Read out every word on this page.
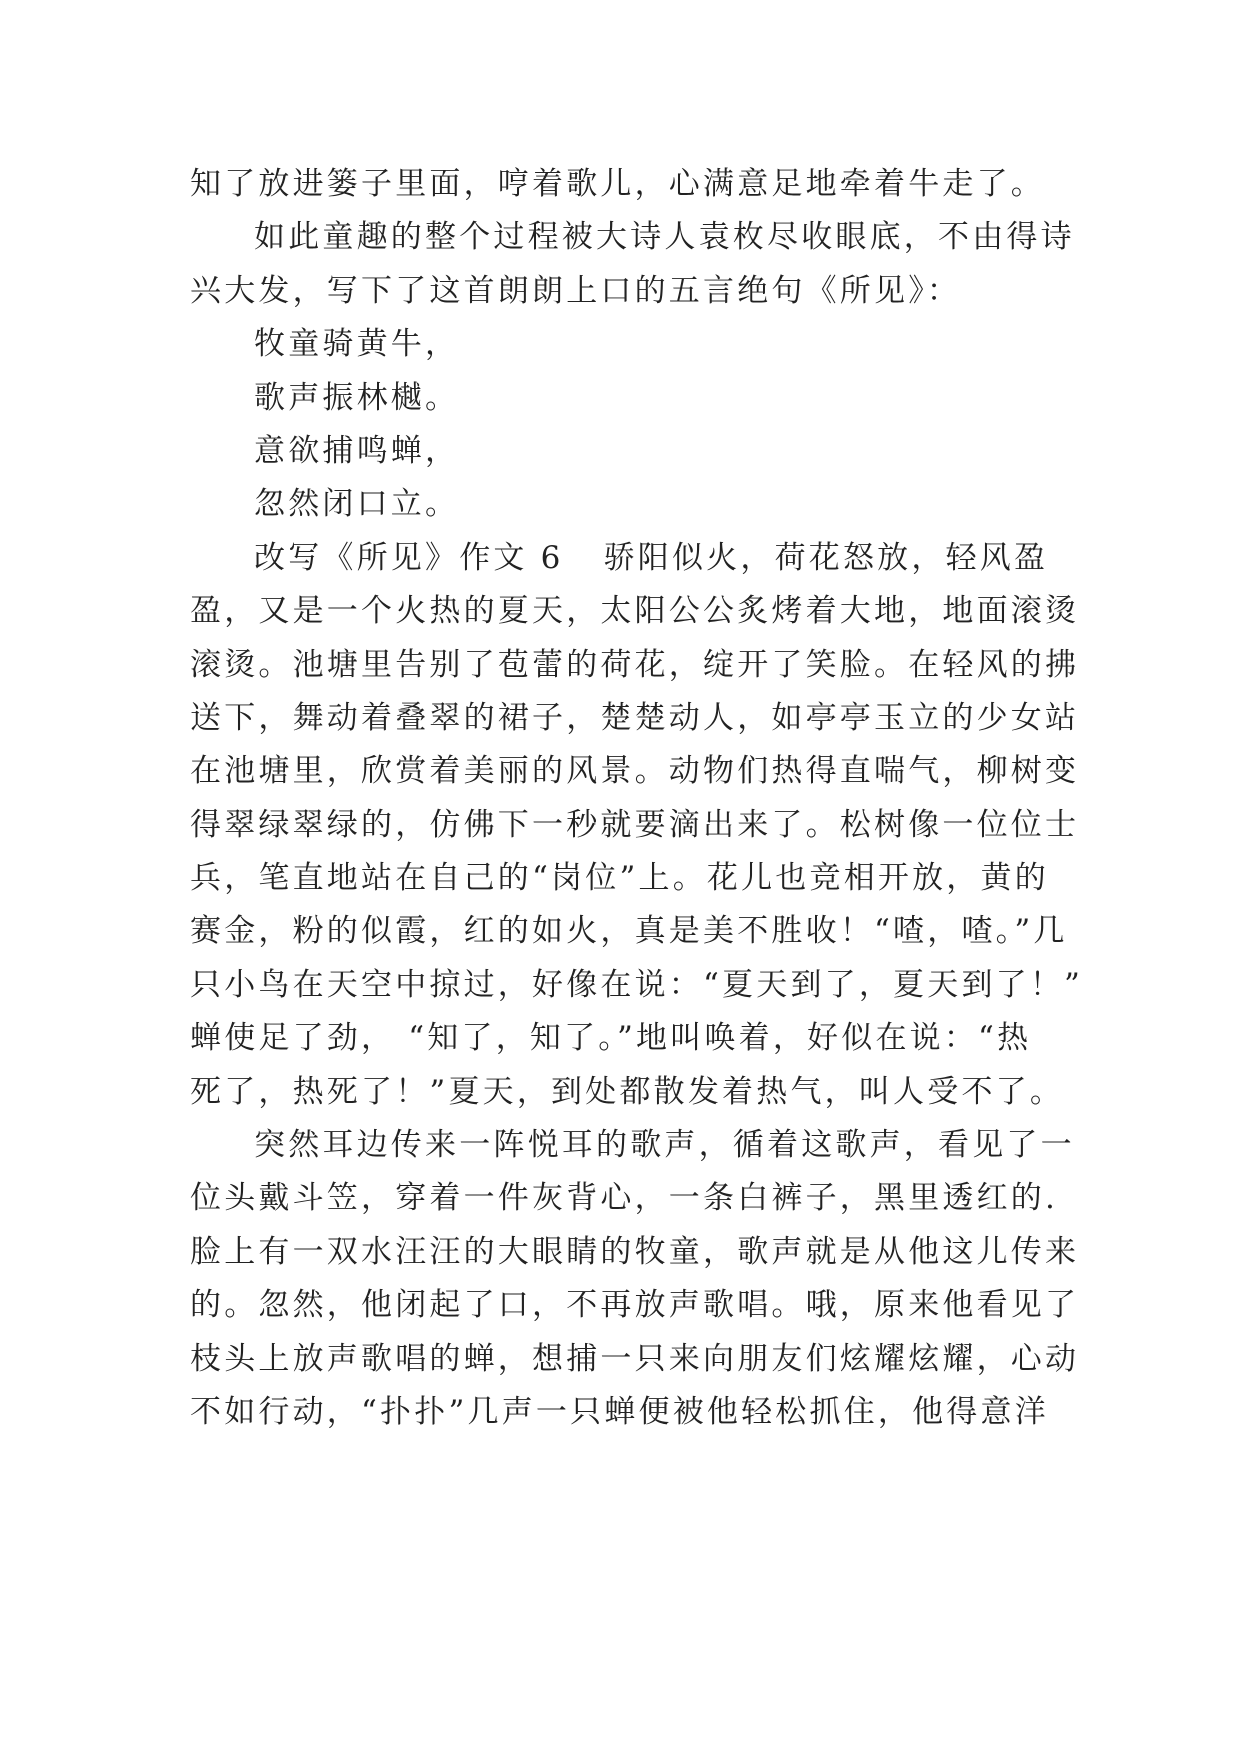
知了放进篓子里面，哼着歌儿，心满意足地牵着牛走了。
如此童趣的整个过程被大诗人袁枚尽收眼底，不由得诗
兴大发，写下了这首朗朗上口的五言绝句《所见》：
牧童骑黄牛，
歌声振林樾。
意欲捕鸣蝉，
忽然闭口立。
改写《所见》作文 6 骄阳似火，荷花怒放，轻风盈
盈，又是一个火热的夏天，太阳公公炙烤着大地，地面滚烫
滚烫。池塘里告别了苞蕾的荷花，绽开了笑脸。在轻风的拂
送下，舞动着叠翠的裙子，楚楚动人，如亭亭玉立的少女站
在池塘里，欣赏着美丽的风景。动物们热得直喘气，柳树变
得翠绿翠绿的，仿佛下一秒就要滴出来了。松树像一位位士
兵，笔直地站在自己的“岗位”上。花儿也竞相开放，黄的
赛金，粉的似霞，红的如火，真是美不胜收！“喳，喳。”几
只小鸟在天空中掠过，好像在说：“夏天到了，夏天到了！”
蝉使足了劲， “知了，知了。”地叫唤着，好似在说：“热
死了，热死了！”夏天，到处都散发着热气，叫人受不了。
突然耳边传来一阵悦耳的歌声，循着这歌声，看见了一
位头戴斗笠，穿着一件灰背心，一条白裤子，黑里透红的.
脸上有一双水汪汪的大眼睛的牧童，歌声就是从他这儿传来
的。忽然，他闭起了口，不再放声歌唱。哦，原来他看见了
枝头上放声歌唱的蝉，想捕一只来向朋友们炫耀炫耀，心动
不如行动，“扑扑”几声一只蝉便被他轻松抓住，他得意洋
